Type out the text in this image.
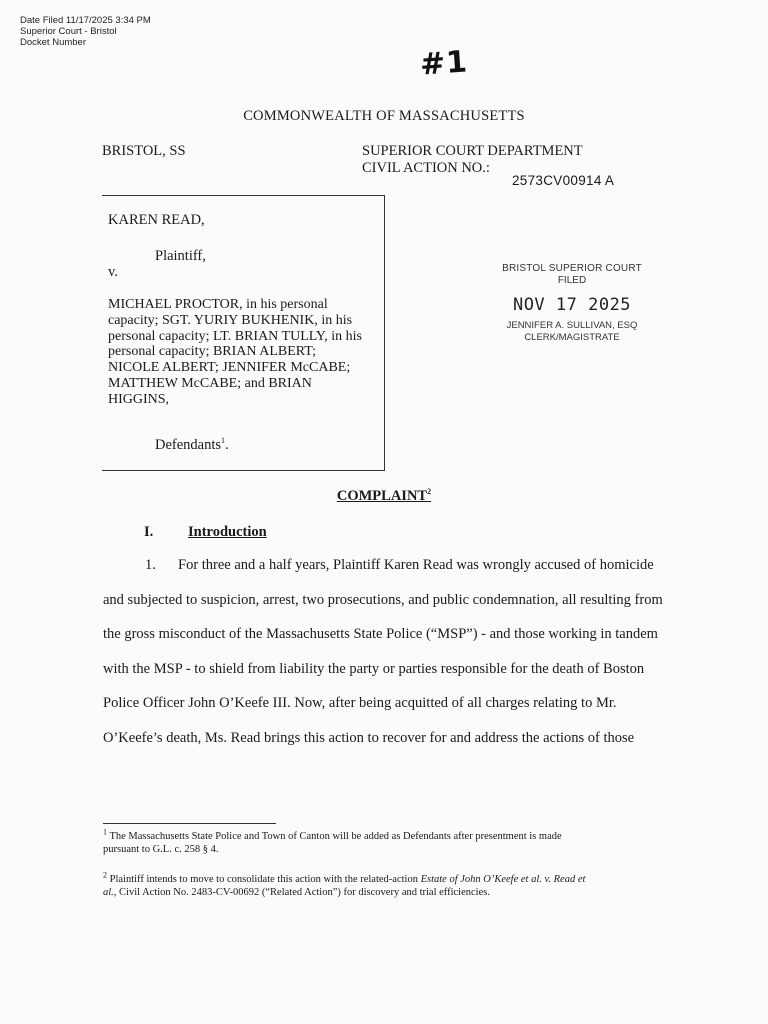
Date Filed 11/17/2025 3:34 PM
Superior Court - Bristol
Docket Number
#1
COMMONWEALTH OF MASSACHUSETTS
BRISTOL, SS	SUPERIOR COURT DEPARTMENT
CIVIL ACTION NO.:
2573CV00914 A
KAREN READ,
Plaintiff,
v.
MICHAEL PROCTOR, in his personal
capacity; SGT. YURIY BUKHENIK, in his
personal capacity; LT. BRIAN TULLY, in his
personal capacity; BRIAN ALBERT;
NICOLE ALBERT; JENNIFER McCABE;
MATTHEW McCABE; and BRIAN
HIGGINS,
Defendants$^1$.
BRISTOL SUPERIOR COURT
FILED
NOV 17 2025
JENNIFER A. SULLIVAN, ESQ
CLERK/MAGISTRATE
COMPLAINT$^2$
I. Introduction
1. For three and a half years, Plaintiff Karen Read was wrongly accused of homicide
and subjected to suspicion, arrest, two prosecutions, and public condemnation, all resulting from
the gross misconduct of the Massachusetts State Police (“MSP”) - and those working in tandem
with the MSP - to shield from liability the party or parties responsible for the death of Boston
Police Officer John O’Keefe III. Now, after being acquitted of all charges relating to Mr.
O’Keefe’s death, Ms. Read brings this action to recover for and address the actions of those
$^1$ The Massachusetts State Police and Town of Canton will be added as Defendants after presentment is made
pursuant to G.L. c. 258 § 4.
$^2$ Plaintiff intends to move to consolidate this action with the related-action Estate of John O’Keefe et al. v. Read et
al., Civil Action No. 2483-CV-00692 (“Related Action”) for discovery and trial efficiencies.
